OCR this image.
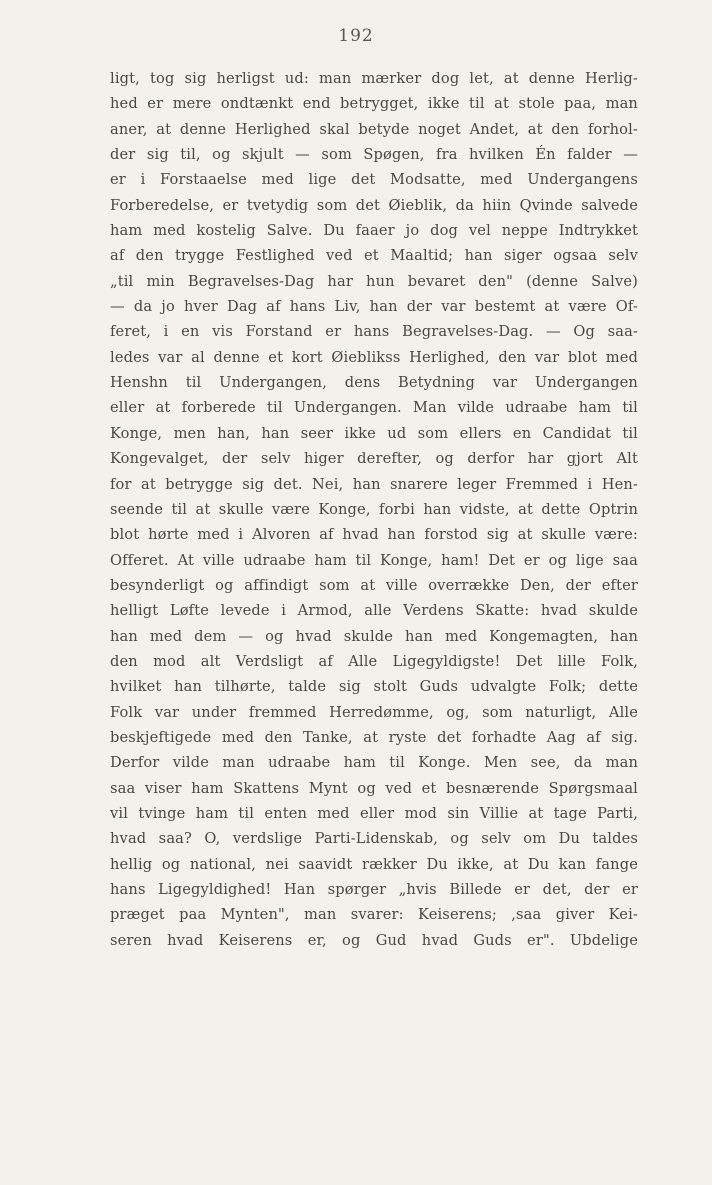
192
ligt, tog sig herligst ud: man mærker dog let, at denne Herlig-
hed er mere ondtænkt end betrygget, ikke til at stole paa, man
aner, at denne Herlighed skal betyde noget Andet, at den forhol-
der sig til, og skjult — som Spøgen, fra hvilken Én falder —
er i Forstaaelse med lige det Modsatte, med Undergangens
Forberedelse, er tvetydig som det Øieblik, da hiin Qvinde salvede
ham med kostelig Salve. Du faaer jo dog vel neppe Indtrykket
af den trygge Festlighed ved et Maaltid; han siger ogsaa selv
„til min Begravelses-Dag har hun bevaret den" (denne Salve)
— da jo hver Dag af hans Liv, han der var bestemt at være Of-
feret, i en vis Forstand er hans Begravelses-Dag. — Og saa-
ledes var al denne et kort Øieblikss Herlighed, den var blot med
Henshn til Undergangen, dens Betydning var Undergangen
eller at forberede til Undergangen. Man vilde udraabe ham til
Konge, men han, han seer ikke ud som ellers en Candidat til
Kongevalget, der selv higer derefter, og derfor har gjort Alt
for at betrygge sig det. Nei, han snarere leger Fremmed i Hen-
seende til at skulle være Konge, forbi han vidste, at dette Optrin
blot hørte med i Alvoren af hvad han forstod sig at skulle være:
Offeret. At ville udraabe ham til Konge, ham! Det er og lige saa
besynderligt og affindigt som at ville overrække Den, der efter
helligt Løfte levede i Armod, alle Verdens Skatte: hvad skulde
han med dem — og hvad skulde han med Kongemagten, han
den mod alt Verdsligt af Alle Ligegyldigste! Det lille Folk,
hvilket han tilhørte, talde sig stolt Guds udvalgte Folk; dette
Folk var under fremmed Herredømme, og, som naturligt, Alle
beskjeftigede med den Tanke, at ryste det forhadte Aag af sig.
Derfor vilde man udraabe ham til Konge. Men see, da man
saa viser ham Skattens Mynt og ved et besnærende Spørgsmaal
vil tvinge ham til enten med eller mod sin Villie at tage Parti,
hvad saa? O, verdslige Parti-Lidenskab, og selv om Du taldes
hellig og national, nei saavidt rækker Du ikke, at Du kan fange
hans Ligegyldighed! Han spørger „hvis Billede er det, der er
præget paa Mynten", man svarer: Keiserens; ,saa giver Kei-
seren hvad Keiserens er, og Gud hvad Guds er". Ubdelige
